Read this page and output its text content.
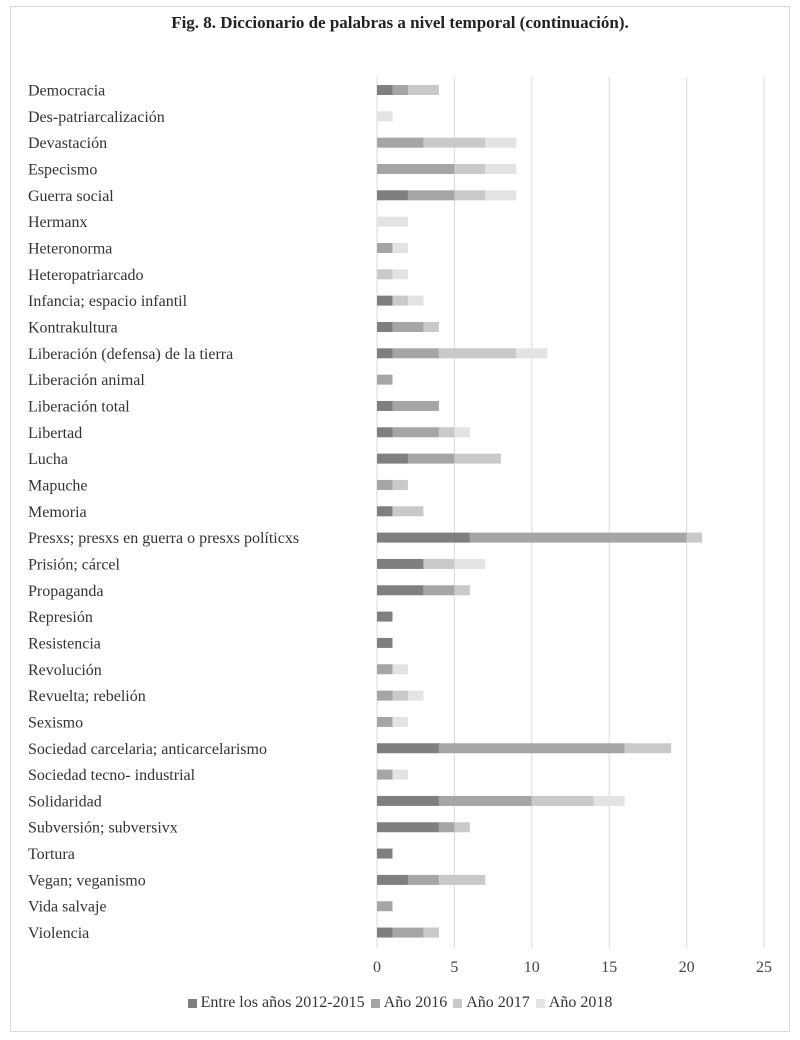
Fig. 8. Diccionario de palabras a nivel temporal (continuación).
Democracia
Des-patriarcalización
Devastación
Especismo
Guerra social
Hermanx
Heteronorma
Heteropatriarcado
Infancia; espacio infantil
Kontrakultura
Liberación (defensa) de la tierra
Liberación animal
Liberación total
Libertad
Lucha
Mapuche
Memoria
Presxs; presxs en guerra o presxs políticxs
Prisión; cárcel
Propaganda
Represión
Resistencia
Revolución
Revuelta; rebelión
Sexismo
Sociedad carcelaria; anticarcelarismo
Sociedad tecno- industrial
Solidaridad
Subversión; subversivx
Tortura
Vegan; veganismo
Vida salvaje
Violencia
0	5	10	15	20	25
Entre los años 2012-2015 Año 2016 Año 2017 Año 2018
